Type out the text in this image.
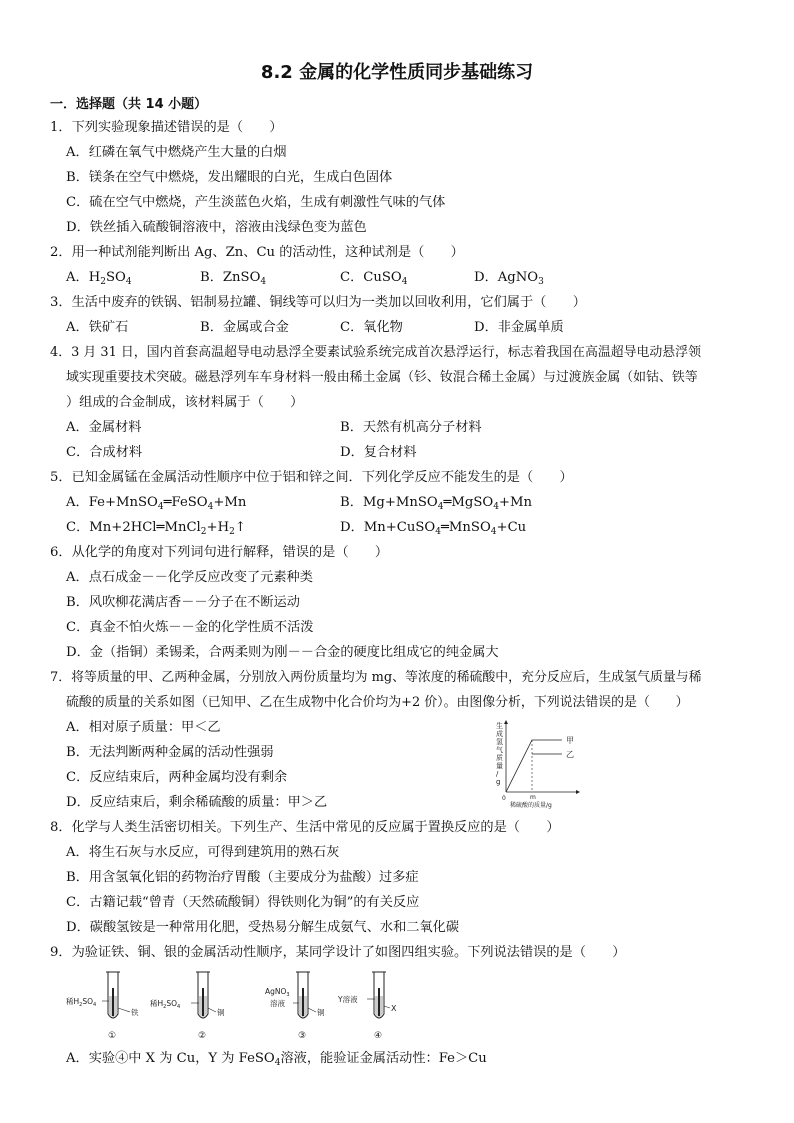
8.2 金属的化学性质同步基础练习
一．选择题（共 14 小题）
1．下列实验现象描述错误的是（　　）
A．红磷在氧气中燃烧产生大量的白烟
B．镁条在空气中燃烧，发出耀眼的白光，生成白色固体
C．硫在空气中燃烧，产生淡蓝色火焰，生成有刺激性气味的气体
D．铁丝插入硫酸铜溶液中，溶液由浅绿色变为蓝色
2．用一种试剂能判断出 Ag、Zn、Cu 的活动性，这种试剂是（　　）
A．$H_2SO_4$	B．ZnSO$_4$	C．CuSO$_4$	D．AgNO$_3$
3．生活中废弃的铁锅、铝制易拉罐、铜线等可以归为一类加以回收利用，它们属于（　　）
A．铁矿石	B．金属或合金	C．氧化物	D．非金属单质
4．3 月 31 日，国内首套高温超导电动悬浮全要素试验系统完成首次悬浮运行，标志着我国在高温超导电动悬浮领
域实现重要技术突破。磁悬浮列车车身材料一般由稀土金属（钐、钕混合稀土金属）与过渡族金属（如钴、铁等
）组成的合金制成，该材料属于（　　）
A．金属材料	B．天然有机高分子材料
C．合成材料	D．复合材料
5．已知金属锰在金属活动性顺序中位于铝和锌之间．下列化学反应不能发生的是（　　）
A．Fe+MnSO$_4$═FeSO$_4$+Mn	B．Mg+MnSO$_4$═MgSO$_4$+Mn
C．$Mn+2HCl═MnCl_2+H_2↑$	D．Mn+CuSO$_4$═MnSO$_4$+Cu
6．从化学的角度对下列词句进行解释，错误的是（　　）
A．点石成金－－化学反应改变了元素种类
B．风吹柳花满店香－－分子在不断运动
C．真金不怕火炼－－金的化学性质不活泼
D．金（指铜）柔锡柔，合两柔则为刚－－合金的硬度比组成它的纯金属大
7．将等质量的甲、乙两种金属，分别放入两份质量均为 mg、等浓度的稀硫酸中，充分反应后，生成氢气质量与稀
硫酸的质量的关系如图（已知甲、乙在生成物中化合价均为+2 价）。由图像分析，下列说法错误的是（　　）
A．相对原子质量：甲＜乙
B．无法判断两种金属的活动性强弱
C．反应结束后，两种金属均没有剩余
D．反应结束后，剩余稀硫酸的质量：甲＞乙
生成氢气质量/ g
甲
乙
0	m
稀硫酸的质量/g
8．化学与人类生活密切相关。下列生产、生活中常见的反应属于置换反应的是（　　）
A．将生石灰与水反应，可得到建筑用的熟石灰
B．用含氢氧化铝的药物治疗胃酸（主要成分为盐酸）过多症
C．古籍记载“曾青（天然硫酸铜）得铁则化为铜”的有关反应
D．碳酸氢铵是一种常用化肥，受热易分解生成氨气、水和二氧化碳
9．为验证铁、铜、银的金属活动性顺序，某同学设计了如图四组实验。下列说法错误的是（　　）
稀$H_2SO_4$
铁
①
稀$H_2SO_4$
铜
②
AgNO$_3$
溶液
铜
③
Y溶液
X
④
A．实验④中 X 为 Cu，Y 为 FeSO$_4$溶液，能验证金属活动性：Fe＞Cu
